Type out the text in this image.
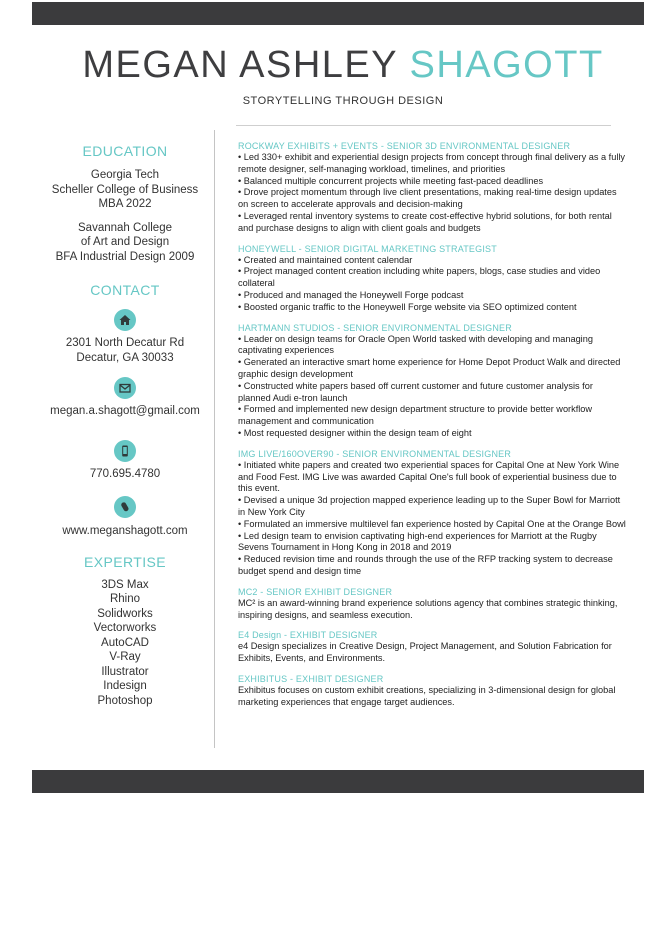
MEGAN ASHLEY SHAGOTT
STORYTELLING THROUGH DESIGN
EDUCATION
Georgia Tech
Scheller College of Business
MBA 2022
Savannah College
of Art and Design
BFA Industrial Design 2009
CONTACT
2301 North Decatur Rd
Decatur, GA 30033
megan.a.shagott@gmail.com
770.695.4780
www.meganshagott.com
EXPERTISE
3DS Max
Rhino
Solidworks
Vectorworks
AutoCAD
V-Ray
Illustrator
Indesign
Photoshop
ROCKWAY EXHIBITS + EVENTS - SENIOR 3D ENVIRONMENTAL DESIGNER
• Led 330+ exhibit and experiential design projects from concept through final delivery as a fully remote designer, self-managing workload, timelines, and priorities
• Balanced multiple concurrent projects while meeting fast-paced deadlines
• Drove project momentum through live client presentations, making real-time design updates on screen to accelerate approvals and decision-making
• Leveraged rental inventory systems to create cost-effective hybrid solutions, for both rental and purchase designs to align with client goals and budgets
HONEYWELL - SENIOR DIGITAL MARKETING STRATEGIST
• Created and maintained content calendar
• Project managed content creation including white papers, blogs, case studies and video collateral
• Produced and managed the Honeywell Forge podcast
• Boosted organic traffic to the Honeywell Forge website via SEO optimized content
HARTMANN STUDIOS - SENIOR ENVIRONMENTAL DESIGNER
• Leader on design teams for Oracle Open World tasked with developing and managing captivating experiences
• Generated an interactive smart home experience for Home Depot Product Walk and directed graphic design development
• Constructed white papers based off current customer and future customer analysis for planned Audi e-tron launch
• Formed and implemented new design department structure to provide better workflow management and communication
• Most requested designer within the design team of eight
IMG LIVE/160OVER90 - SENIOR ENVIRONMENTAL DESIGNER
• Initiated white papers and created two experiential spaces for Capital One at New York Wine and Food Fest. IMG Live was awarded Capital One's full book of experiential business due to this event.
• Devised a unique 3d projection mapped experience leading up to the Super Bowl for Marriott in New York City
• Formulated an immersive multilevel fan experience hosted by Capital One at the Orange Bowl
• Led design team to envision captivating high-end experiences for Marriott at the Rugby Sevens Tournament in Hong Kong in 2018 and 2019
• Reduced revision time and rounds through the use of the RFP tracking system to decrease budget spend and design time
MC2 - SENIOR EXHIBIT DESIGNER
MC² is an award-winning brand experience solutions agency that combines strategic thinking, inspiring designs, and seamless execution.
E4 Design - EXHIBIT DESIGNER
e4 Design specializes in Creative Design, Project Management, and Solution Fabrication for Exhibits, Events, and Environments.
EXHIBITUS - EXHIBIT DESIGNER
Exhibitus focuses on custom exhibit creations, specializing in 3-dimensional design for global marketing experiences that engage target audiences.
